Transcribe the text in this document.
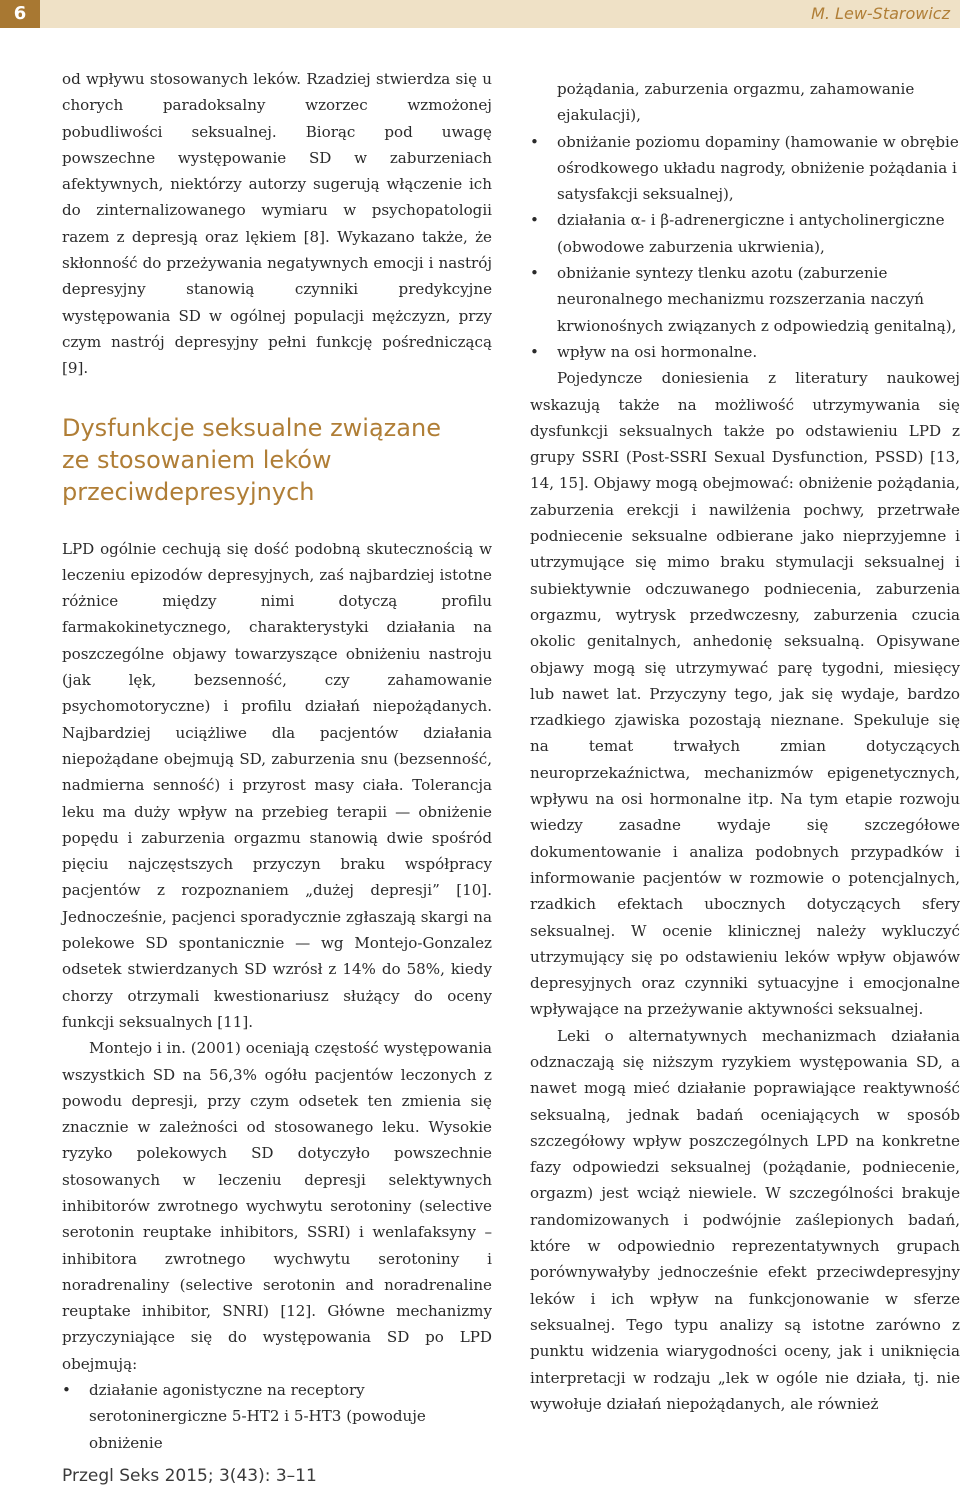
6	M. Lew-Starowicz

od wpływu stosowanych leków. Rzadziej stwierdza się u chorych paradoksalny wzorzec wzmożonej pobudliwości seksualnej. Biorąc pod uwagę powszechne występowanie SD w zaburzeniach afektywnych, niektórzy autorzy sugerują włączenie ich do zinternalizowanego wymiaru w psychopatologii razem z depresją oraz lękiem [8]. Wykazano także, że skłonność do przeżywania negatywnych emocji i nastrój depresyjny stanowią czynniki predykcyjne występowania SD w ogólnej populacji mężczyzn, przy czym nastrój depresyjny pełni funkcję pośredniczącą [9].

Dysfunkcje seksualne związane
ze stosowaniem leków
przeciwdepresyjnych

LPD ogólnie cechują się dość podobną skutecznością w leczeniu epizodów depresyjnych, zaś najbardziej istotne różnice między nimi dotyczą profilu farmakokinetycznego, charakterystyki działania na poszczególne objawy towarzyszące obniżeniu nastroju (jak lęk, bezsenność, czy zahamowanie psychomotoryczne) i profilu działań niepożądanych. Najbardziej uciążliwe dla pacjentów działania niepożądane obejmują SD, zaburzenia snu (bezsenność, nadmierna senność) i przyrost masy ciała. Tolerancja leku ma duży wpływ na przebieg terapii — obniżenie popędu i zaburzenia orgazmu stanowią dwie spośród pięciu najczęstszych przyczyn braku współpracy pacjentów z rozpoznaniem „dużej depresji” [10]. Jednocześnie, pacjenci sporadycznie zgłaszają skargi na polekowe SD spontanicznie — wg Montejo-Gonzalez odsetek stwierdzanych SD wzrósł z 14% do 58%, kiedy chorzy otrzymali kwestionariusz służący do oceny funkcji seksualnych [11].

Montejo i in. (2001) oceniają częstość występowania wszystkich SD na 56,3% ogółu pacjentów leczonych z powodu depresji, przy czym odsetek ten zmienia się znacznie w zależności od stosowanego leku. Wysokie ryzyko polekowych SD dotyczyło powszechnie stosowanych w leczeniu depresji selektywnych inhibitorów zwrotnego wychwytu serotoniny (selective serotonin reuptake inhibitors, SSRI) i wenlafaksyny – inhibitora zwrotnego wychwytu serotoniny i noradrenaliny (selective serotonin and noradrenaline reuptake inhibitor, SNRI) [12]. Główne mechanizmy przyczyniające się do występowania SD po LPD obejmują:

• działanie agonistyczne na receptory serotoninergiczne 5-HT2 i 5-HT3 (powoduje obniżenie
pożądania, zaburzenia orgazmu, zahamowanie ejakulacji),
• obniżanie poziomu dopaminy (hamowanie w obrębie ośrodkowego układu nagrody, obniżenie pożądania i satysfakcji seksualnej),
• działania α- i β-adrenergiczne i antycholinergiczne (obwodowe zaburzenia ukrwienia),
• obniżanie syntezy tlenku azotu (zaburzenie neuronalnego mechanizmu rozszerzania naczyń krwionośnych związanych z odpowiedzią genitalną),
• wpływ na osi hormonalne.

Pojedyncze doniesienia z literatury naukowej wskazują także na możliwość utrzymywania się dysfunkcji seksualnych także po odstawieniu LPD z grupy SSRI (Post-SSRI Sexual Dysfunction, PSSD) [13, 14, 15]. Objawy mogą obejmować: obniżenie pożądania, zaburzenia erekcji i nawilżenia pochwy, przetrwałe podniecenie seksualne odbierane jako nieprzyjemne i utrzymujące się mimo braku stymulacji seksualnej i subiektywnie odczuwanego podniecenia, zaburzenia orgazmu, wytrysk przedwczesny, zaburzenia czucia okolic genitalnych, anhedonię seksualną. Opisywane objawy mogą się utrzymywać parę tygodni, miesięcy lub nawet lat. Przyczyny tego, jak się wydaje, bardzo rzadkiego zjawiska pozostają nieznane. Spekuluje się na temat trwałych zmian dotyczących neuroprzekaźnictwa, mechanizmów epigenetycznych, wpływu na osi hormonalne itp. Na tym etapie rozwoju wiedzy zasadne wydaje się szczegółowe dokumentowanie i analiza podobnych przypadków i informowanie pacjentów w rozmowie o potencjalnych, rzadkich efektach ubocznych dotyczących sfery seksualnej. W ocenie klinicznej należy wykluczyć utrzymujący się po odstawieniu leków wpływ objawów depresyjnych oraz czynniki sytuacyjne i emocjonalne wpływające na przeżywanie aktywności seksualnej.

Leki o alternatywnych mechanizmach działania odznaczają się niższym ryzykiem występowania SD, a nawet mogą mieć działanie poprawiające reaktywność seksualną, jednak badań oceniających w sposób szczegółowy wpływ poszczególnych LPD na konkretne fazy odpowiedzi seksualnej (pożądanie, podniecenie, orgazm) jest wciąż niewiele. W szczególności brakuje randomizowanych i podwójnie zaślepionych badań, które w odpowiednio reprezentatywnych grupach porównywałyby jednocześnie efekt przeciwdepresyjny leków i ich wpływ na funkcjonowanie w sferze seksualnej. Tego typu analizy są istotne zarówno z punktu widzenia wiarygodności oceny, jak i uniknięcia interpretacji w rodzaju „lek w ogóle nie działa, tj. nie wywołuje działań niepożądanych, ale również

Przegl Seks 2015; 3(43): 3–11
